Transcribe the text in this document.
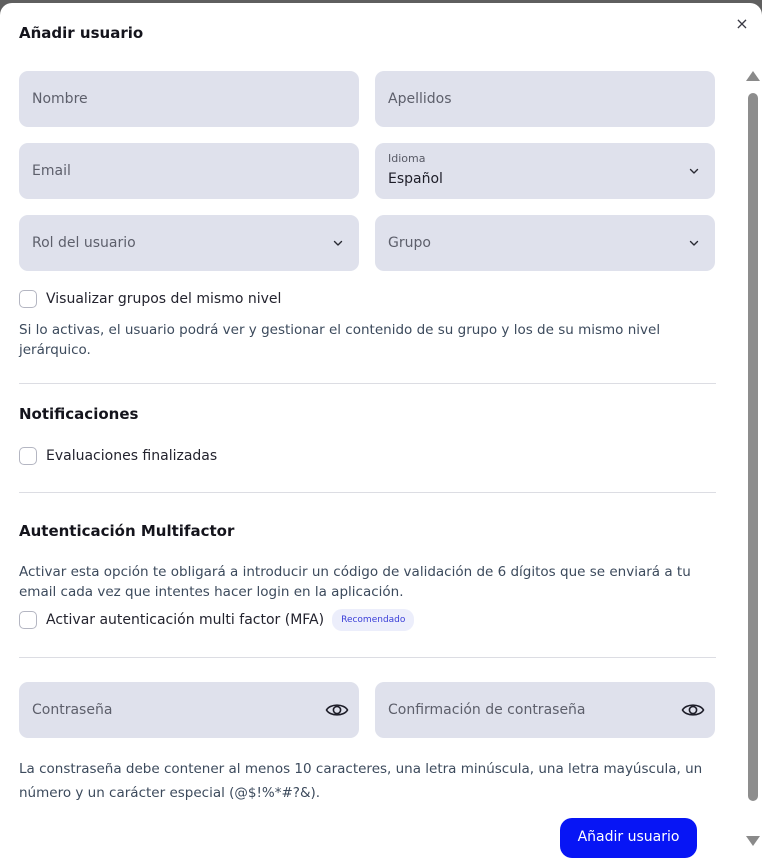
×
Añadir usuario
Nombre	Apellidos
Email
Idioma
Español
Rol del usuario	Grupo
Visualizar grupos del mismo nivel
Si lo activas, el usuario podrá ver y gestionar el contenido de su grupo y los de su mismo nivel jerárquico.
Notificaciones
Evaluaciones finalizadas
Autenticación Multifactor
Activar esta opción te obligará a introducir un código de validación de 6 dígitos que se enviará a tu email cada vez que intentes hacer login en la aplicación.
Activar autenticación multi factor (MFA)	Recomendado
Contraseña	Confirmación de contraseña
La constraseña debe contener al menos 10 caracteres, una letra minúscula, una letra mayúscula, un número y un carácter especial (@$!%*#?&).
Añadir usuario
